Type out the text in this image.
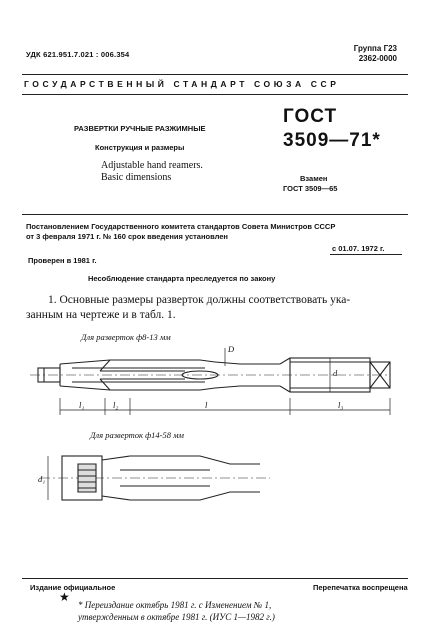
УДК 621.951.7.021 : 006.354
Группа Г23
2362-0000
ГОСУДАРСТВЕННЫЙ СТАНДАРТ СОЮЗА ССР
РАЗВЕРТКИ РУЧНЫЕ РАЗЖИМНЫЕ
Конструкция и размеры
Adjustable hand reamers.
Basic dimensions
ГОСТ
3509—71*
Взамен
ГОСТ 3509—65
Постановлением Государственного комитета стандартов Совета Министров СССР
от 3 февраля 1971 г. № 160 срок введения установлен
с 01.07. 1972 г.
Проверен в 1981 г.
Несоблюдение стандарта преследуется по закону
1. Основные размеры разверток должны соответствовать ука-
занным на чертеже и в табл. 1.
Для разверток ф8-13 мм
Для разверток ф14-58 мм
l₁	l₂	l	l₃
d
D
d₁
Издание официальное	Перепечатка воспрещена
★
* Переиздание октябрь 1981 г. с Изменением № 1,
утвержденным в октябре 1981 г. (ИУС 1—1982 г.)
